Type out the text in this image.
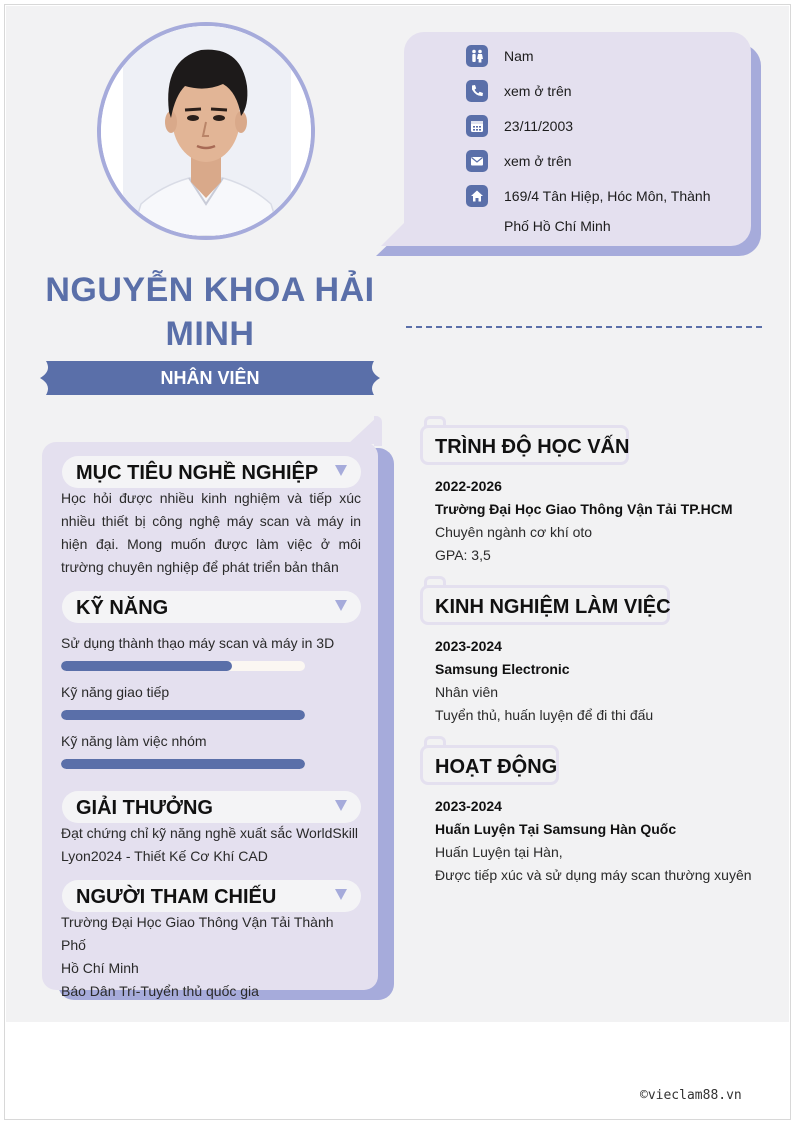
Nam
xem ở trên
23/11/2003
xem ở trên
169/4 Tân Hiệp, Hóc Môn, Thành
Phố Hồ Chí Minh
NGUYỄN KHOA HẢI
MINH
NHÂN VIÊN
MỤC TIÊU NGHỀ NGHIỆP
Học hỏi được nhiều kinh nghiệm và tiếp xúc nhiều thiết bị công nghệ máy scan và máy in hiện đại. Mong muốn được làm việc ở môi trường chuyên nghiệp để phát triển bản thân
KỸ NĂNG
Sử dụng thành thạo máy scan và máy in 3D
Kỹ năng giao tiếp
Kỹ năng làm việc nhóm
GIẢI THƯỞNG
Đạt chứng chỉ kỹ năng nghề xuất sắc WorldSkill
Lyon2024 - Thiết Kế Cơ Khí CAD
NGƯỜI THAM CHIẾU
Trường Đại Học Giao Thông Vận Tải Thành Phố
Hồ Chí Minh
Báo Dân Trí-Tuyển thủ quốc gia
TRÌNH ĐỘ HỌC VẤN
2022-2026
Trường Đại Học Giao Thông Vận Tải TP.HCM
Chuyên ngành cơ khí oto
GPA: 3,5
KINH NGHIỆM LÀM VIỆC
2023-2024
Samsung Electronic
Nhân viên
Tuyển thủ, huấn luyện để đi thi đấu
HOẠT ĐỘNG
2023-2024
Huấn Luyện Tại Samsung Hàn Quốc
Huấn Luyện tại Hàn,
Được tiếp xúc và sử dụng máy scan thường xuyên
©vieclam88.vn
